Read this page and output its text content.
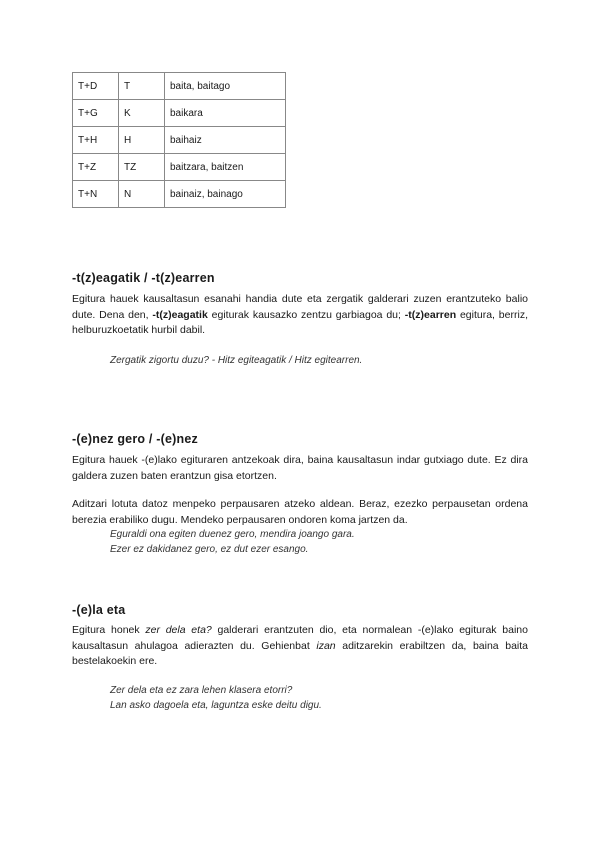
T+D	T	baita, baitago
T+G	K	baikara
T+H	H	baihaiz
T+Z	TZ	baitzara, baitzen
T+N	N	bainaiz, bainago
-t(z)eagatik / -t(z)earren

Egitura hauek kausaltasun esanahi handia dute eta zergatik galderari zuzen erantzuteko balio dute. Dena den, -t(z)eagatik egiturak kausazko zentzu garbiagoa du; -t(z)earren egitura, berriz, helburuzkoetatik hurbil dabil.

Zergatik zigortu duzu? - Hitz egiteagatik / Hitz egitearren.

-(e)nez gero / -(e)nez

Egitura hauek -(e)lako egituraren antzekoak dira, baina kausaltasun indar gutxiago dute. Ez dira galdera zuzen baten erantzun gisa etortzen.

Aditzari lotuta datoz menpeko perpausaren atzeko aldean. Beraz, ezezko perpausetan ordena berezia erabiliko dugu. Mendeko perpausaren ondoren koma jartzen da.

Eguraldi ona egiten duenez gero, mendira joango gara.

Ezer ez dakidanez gero, ez dut ezer esango.

-(e)la eta

Egitura honek zer dela eta? galderari erantzuten dio, eta normalean -(e)lako egiturak baino kausaltasun ahulagoa adierazten du. Gehienbat izan aditzarekin erabiltzen da, baina baita bestelakoekin ere.

Zer dela eta ez zara lehen klasera etorri?

Lan asko dagoela eta, laguntza eske deitu digu.
